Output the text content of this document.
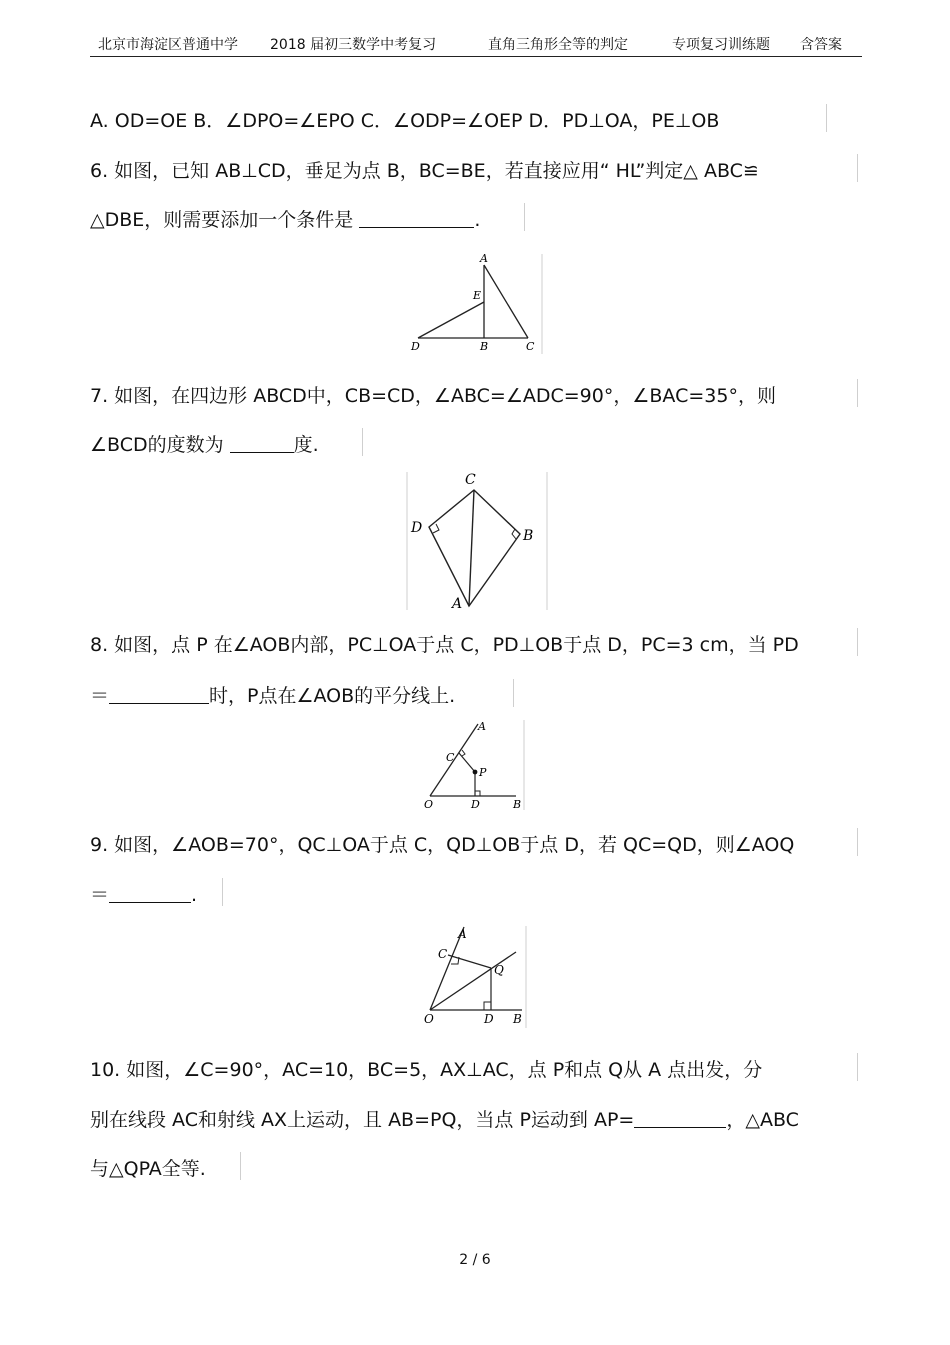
北京市海淀区普通中学 2018 届初三数学中考复习	直角三角形全等的判定	专项复习训练题 含答案
A. OD=OE B．∠DPO=∠EPO C．∠ODP=∠OEP D．PD⊥OA，PE⊥OB
6. 如图，已知 AB⊥CD，垂足为点 B，BC=BE，若直接应用“ HL”判定△ ABC≌
△DBE，则需要添加一个条件是	.
A
E
D	B	C
7. 如图，在四边形 ABCD中，CB=CD，∠ABC=∠ADC=90°，∠BAC=35°，则
∠BCD的度数为	度.
C
D	B
A
8. 如图，点 P 在∠AOB内部，PC⊥OA于点 C，PD⊥OB于点 D，PC=3 cm，当 PD
＝	时，P点在∠AOB的平分线上.
A
C
P
O	D	B
9. 如图，∠AOB=70°，QC⊥OA于点 C，QD⊥OB于点 D，若 QC=QD，则∠AOQ
＝	.
A
C
Q
O	D B
10. 如图，∠C=90°，AC=10，BC=5，AX⊥AC，点 P和点 Q从 A 点出发，分
别在线段 AC和射线 AX上运动，且 AB=PQ，当点 P运动到 AP=	，△ABC
与△QPA全等.
2 / 6
